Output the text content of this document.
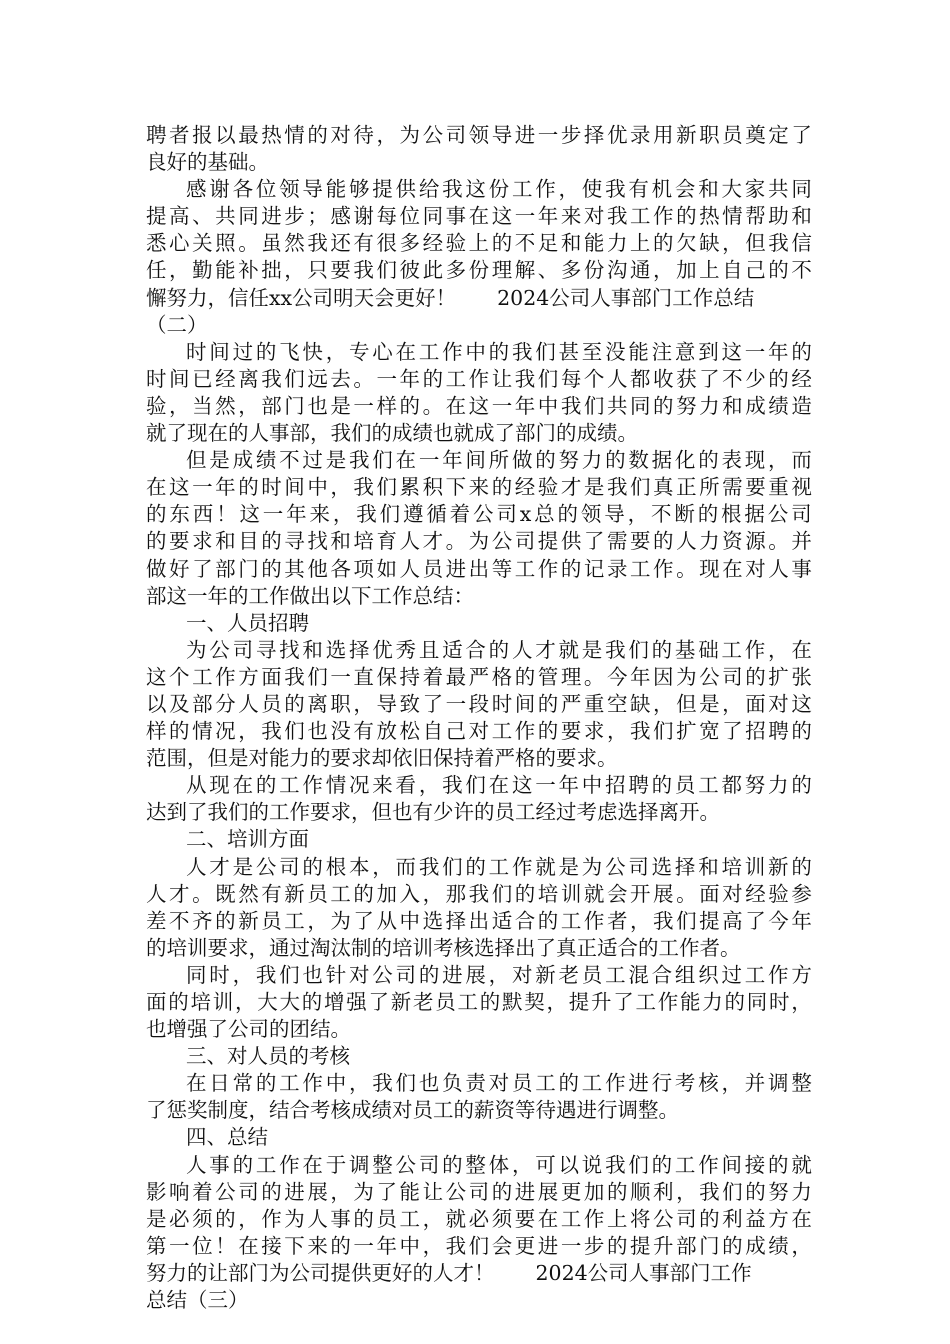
聘 者 报 以 最 热 情 的 对 待 ， 为 公 司 领 导 进 一 步 择 优 录 用 新 职 员 奠 定 了
良好的基础。
感 谢 各 位 领 导 能 够 提 供 给 我 这 份 工 作 ， 使 我 有 机 会 和 大 家 共 同
提 高 、 共 同 进 步 ； 感 谢 每 位 同 事 在 这 一 年 来 对 我 工 作 的 热 情 帮 助 和
悉 心 关 照 。 虽 然 我 还 有 很 多 经 验 上 的 不 足 和 能 力 上 的 欠 缺 ， 但 我 信
任 ， 勤 能 补 拙 ， 只 要 我 们 彼 此 多 份 理 解 、 多 份 沟 通 ， 加 上 自 己 的 不
懈努力，信任xx公司明天会更好！　　2024公司人事部门工作总结
（二）
时 间 过 的 飞 快 ， 专 心 在 工 作 中 的 我 们 甚 至 没 能 注 意 到 这 一 年 的
时 间 已 经 离 我 们 远 去 。 一 年 的 工 作 让 我 们 每 个 人 都 收 获 了 不 少 的 经
验 ， 当 然 ， 部 门 也 是 一 样 的 。 在 这 一 年 中 我 们 共 同 的 努 力 和 成 绩 造
就了现在的人事部，我们的成绩也就成了部门的成绩。
但 是 成 绩 不 过 是 我 们 在 一 年 间 所 做 的 努 力 的 数 据 化 的 表 现 ， 而
在 这 一 年 的 时 间 中 ， 我 们 累 积 下 来 的 经 验 才 是 我 们 真 正 所 需 要 重 视
的 东 西 ！ 这 一 年 来 ， 我 们 遵 循 着 公 司 x 总 的 领 导 ， 不 断 的 根 据 公 司
的 要 求 和 目 的 寻 找 和 培 育 人 才 。 为 公 司 提 供 了 需 要 的 人 力 资 源 。 并
做 好 了 部 门 的 其 他 各 项 如 人 员 进 出 等 工 作 的 记 录 工 作 。 现 在 对 人 事
部这一年的工作做出以下工作总结：
一、人员招聘
为 公 司 寻 找 和 选 择 优 秀 且 适 合 的 人 才 就 是 我 们 的 基 础 工 作 ， 在
这 个 工 作 方 面 我 们 一 直 保 持 着 最 严 格 的 管 理 。 今 年 因 为 公 司 的 扩 张
以 及 部 分 人 员 的 离 职 ， 导 致 了 一 段 时 间 的 严 重 空 缺 ， 但 是 ， 面 对 这
样 的 情 况 ， 我 们 也 没 有 放 松 自 己 对 工 作 的 要 求 ， 我 们 扩 宽 了 招 聘 的
范围，但是对能力的要求却依旧保持着严格的要求。
从 现 在 的 工 作 情 况 来 看 ， 我 们 在 这 一 年 中 招 聘 的 员 工 都 努 力 的
达到了我们的工作要求，但也有少许的员工经过考虑选择离开。
二、培训方面
人 才 是 公 司 的 根 本 ， 而 我 们 的 工 作 就 是 为 公 司 选 择 和 培 训 新 的
人 才 。 既 然 有 新 员 工 的 加 入 ， 那 我 们 的 培 训 就 会 开 展 。 面 对 经 验 参
差 不 齐 的 新 员 工 ， 为 了 从 中 选 择 出 适 合 的 工 作 者 ， 我 们 提 高 了 今 年
的培训要求，通过淘汰制的培训考核选择出了真正适合的工作者。
同 时 ， 我 们 也 针 对 公 司 的 进 展 ， 对 新 老 员 工 混 合 组 织 过 工 作 方
面 的 培 训 ， 大 大 的 增 强 了 新 老 员 工 的 默 契 ， 提 升 了 工 作 能 力 的 同 时 ，
也增强了公司的团结。
三、对人员的考核
在 日 常 的 工 作 中 ， 我 们 也 负 责 对 员 工 的 工 作 进 行 考 核 ， 并 调 整
了惩奖制度，结合考核成绩对员工的薪资等待遇进行调整。
四、总结
人 事 的 工 作 在 于 调 整 公 司 的 整 体 ， 可 以 说 我 们 的 工 作 间 接 的 就
影 响 着 公 司 的 进 展 ， 为 了 能 让 公 司 的 进 展 更 加 的 顺 利 ， 我 们 的 努 力
是 必 须 的 ， 作 为 人 事 的 员 工 ， 就 必 须 要 在 工 作 上 将 公 司 的 利 益 方 在
第 一 位 ！ 在 接 下 来 的 一 年 中 ， 我 们 会 更 进 一 步 的 提 升 部 门 的 成 绩 ，
努力的让部门为公司提供更好的人才！　　2024公司人事部门工作
总结（三）
